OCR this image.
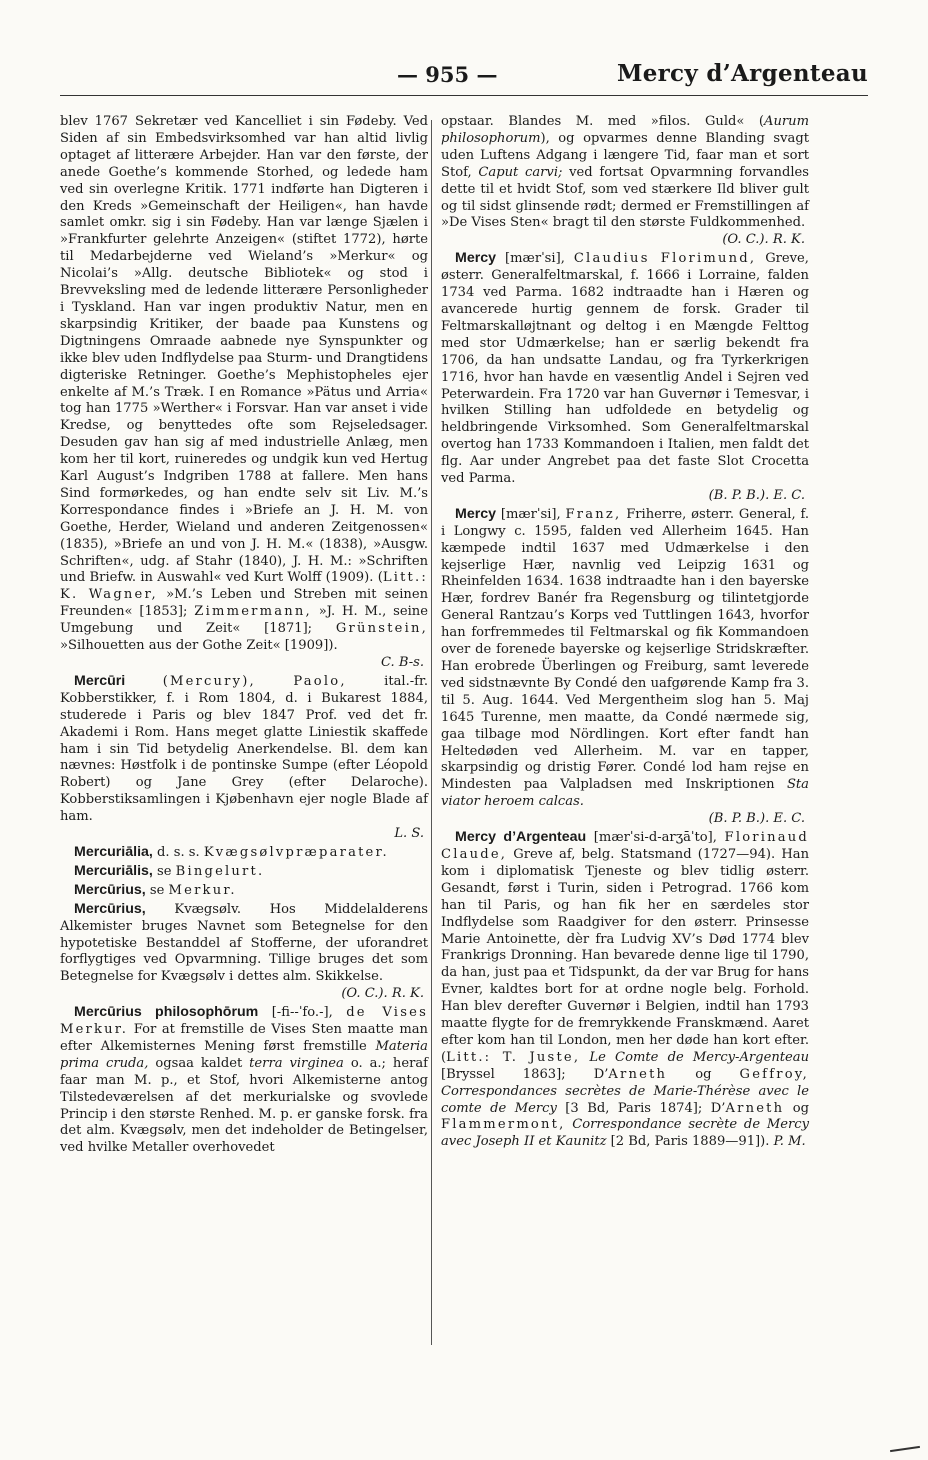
— 955 —	Mercy d’Argenteau

blev 1767 Sekretær ved Kancelliet i sin Fødeby. Ved Siden af sin Embedsvirksomhed var han altid livlig optaget af litterære Arbejder. Han var den første, der anede Goethe’s kommende Storhed, og ledede ham ved sin overlegne Kritik. 1771 indførte han Digteren i den Kreds »Gemeinschaft der Heiligen«, han havde samlet omkr. sig i sin Fødeby. Han var længe Sjælen i »Frankfurter gelehrte Anzeigen« (stiftet 1772), hørte til Medarbejderne ved Wieland’s »Merkur« og Nicolai’s »Allg. deutsche Bibliotek« og stod i Brevveksling med de ledende litterære Personligheder i Tyskland. Han var ingen produktiv Natur, men en skarpsindig Kritiker, der baade paa Kunstens og Digtningens Omraade aabnede nye Synspunkter og ikke blev uden Indflydelse paa Sturm- und Drangtidens digteriske Retninger. Goethe’s Mephistopheles ejer enkelte af M.’s Træk. I en Romance »Pätus und Arria« tog han 1775 »Werther« i Forsvar. Han var anset i vide Kredse, og benyttedes ofte som Rejseledsager. Desuden gav han sig af med industrielle Anlæg, men kom her til kort, ruineredes og undgik kun ved Hertug Karl August’s Indgriben 1788 at fallere. Men hans Sind formørkedes, og han endte selv sit Liv. M.’s Korrespondance findes i »Briefe an J. H. M. von Goethe, Herder, Wieland und anderen Zeitgenossen« (1835), »Briefe an und von J. H. M.« (1838), »Ausgw. Schriften«, udg. af Stahr (1840), J. H. M.: »Schriften und Briefw. in Auswahl« ved Kurt Wolff (1909). (Litt.: K. Wagner, »M.’s Leben und Streben mit seinen Freunden« [1853]; Zimmermann, »J. H. M., seine Umgebung und Zeit« [1871]; Grünstein, »Silhouetten aus der Gothe Zeit« [1909]).
C. B-s.

Mercūri	(Mercury),	Paolo, ital.-fr. Kobberstikker, f. i Rom 1804, d. i Bukarest 1884, studerede i Paris og blev 1847 Prof. ved det fr. Akademi i Rom. Hans meget glatte Liniestik skaffede ham i sin Tid betydelig Anerkendelse. Bl. dem kan nævnes: Høstfolk i de pontinske Sumpe (efter Léopold Robert) og Jane Grey (efter Delaroche). Kobberstiksamlingen i Kjøbenhavn ejer nogle Blade af ham.
L. S.

Mercuriālia, d. s. s. Kvægsølvpræparater.

Mercuriālis, se Bingelurt.

Mercūrius, se Merkur.

Mercūrius, Kvægsølv. Hos Middelalderens Alkemister bruges Navnet som Betegnelse for den hypotetiske Bestanddel af Stofferne, der uforandret forflygtiges ved Opvarmning. Tillige bruges det som Betegnelse for Kvægsølv i dettes alm. Skikkelse.
(O. C.). R. K.

Mercūrius philosophōrum [-fi--ˈfo.-], de Vises Merkur. For at fremstille de Vises Sten maatte man efter Alkemisternes Mening først fremstille Materia prima cruda, ogsaa kaldet terra virginea o. a.; heraf faar man M. p., et Stof, hvori Alkemisterne antog Tilstedeværelsen af det merkurialske og svovlede Princip i den største Renhed. M. p. er ganske forsk. fra det alm. Kvægsølv, men det indeholder de Betingelser, ved hvilke Metaller overhovedet

opstaar. Blandes M. med »filos. Guld« (Aurum philosophorum), og opvarmes denne Blanding svagt uden Luftens Adgang i længere Tid, faar man et sort Stof, Caput carvi; ved fortsat Opvarmning forvandles dette til et hvidt Stof, som ved stærkere Ild bliver gult og til sidst glinsende rødt; dermed er Fremstillingen af »De Vises Sten« bragt til den største Fuldkommenhed.
(O. C.). R. K.

Mercy [mærˈsi], Claudius Florimund, Greve, østerr. Generalfeltmarskal, f. 1666 i Lorraine, falden 1734 ved Parma. 1682 indtraadte han i Hæren og avancerede hurtig gennem de forsk. Grader til Feltmarskalløjtnant og deltog i en Mængde Felttog med stor Udmærkelse; han er særlig bekendt fra 1706, da han undsatte Landau, og fra Tyrkerkrigen 1716, hvor han havde en væsentlig Andel i Sejren ved Peterwardein. Fra 1720 var han Guvernør i Temesvar, i hvilken Stilling han udfoldede en betydelig og heldbringende Virksomhed. Som Generalfeltmarskal overtog han 1733 Kommandoen i Italien, men faldt det flg. Aar under Angrebet paa det faste Slot Crocetta ved Parma.
(B. P. B.). E. C.

Mercy [mærˈsi], Franz, Friherre, østerr. General, f. i Longwy c. 1595, falden ved Allerheim 1645. Han kæmpede indtil 1637 med Udmærkelse i den kejserlige Hær, navnlig ved Leipzig 1631 og Rheinfelden 1634. 1638 indtraadte han i den bayerske Hær, fordrev Banér fra Regensburg og tilintetgjorde General Rantzau’s Korps ved Tuttlingen 1643, hvorfor han forfremmedes til Feltmarskal og fik Kommandoen over de forenede bayerske og kejserlige Stridskræfter. Han erobrede Überlingen og Freiburg, samt leverede ved sidstnævnte By Condé den uafgørende Kamp fra 3. til 5. Aug. 1644. Ved Mergentheim slog han 5. Maj 1645 Turenne, men maatte, da Condé nærmede sig, gaa tilbage mod Nördlingen. Kort efter fandt han Heltedøden ved Allerheim. M. var en tapper, skarpsindig og dristig Fører. Condé lod ham rejse en Mindesten paa Valpladsen med Inskriptionen Sta viator heroem calcas.
(B. P. B.). E. C.

Mercy d’Argenteau [mærˈsi-d-arʒāˈto], Florinaud Claude, Greve af, belg. Statsmand (1727—94). Han kom i diplomatisk Tjeneste og blev tidlig østerr. Gesandt, først i Turin, siden i Petrograd. 1766 kom han til Paris, og han fik her en særdeles stor Indflydelse som Raadgiver for den østerr. Prinsesse Marie Antoinette, dèr fra Ludvig XV’s Død 1774 blev Frankrigs Dronning. Han bevarede denne lige til 1790, da han, just paa et Tidspunkt, da der var Brug for hans Evner, kaldtes bort for at ordne nogle belg. Forhold. Han blev derefter Guvernør i Belgien, indtil han 1793 maatte flygte for de fremrykkende Franskmænd. Aaret efter kom han til London, men her døde han kort efter. (Litt.: T. Juste, Le Comte de Mercy-Argenteau [Bryssel 1863]; D’Arneth og Geffroy, Correspondances secrètes de Marie-Thérèse avec le comte de Mercy [3 Bd, Paris 1874]; D’Arneth og Flammermont, Correspondance secrète de Mercy avec Joseph II et Kaunitz [2 Bd, Paris 1889—91]). P. M.
